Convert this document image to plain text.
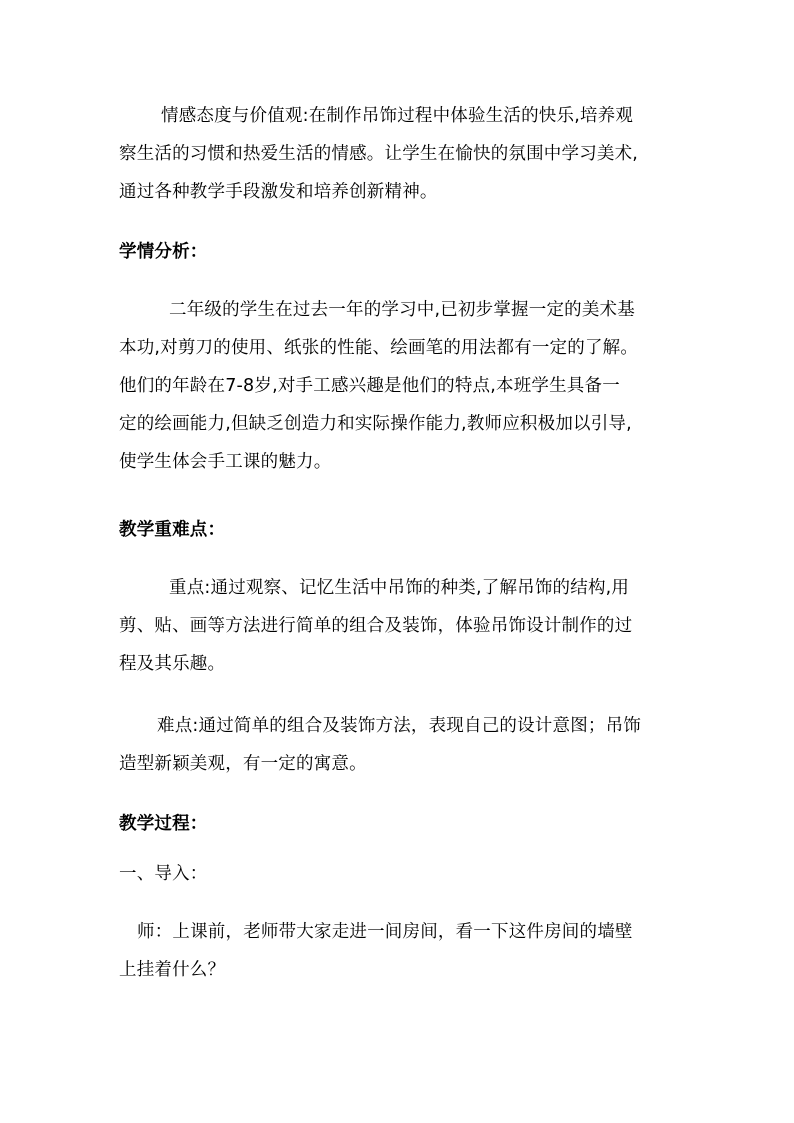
情感态度与价值观:在制作吊饰过程中体验生活的快乐,培养观
察生活的习惯和热爱生活的情感。让学生在愉快的氛围中学习美术,
通过各种教学手段激发和培养创新精神。
学情分析：
二年级的学生在过去一年的学习中,已初步掌握一定的美术基
本功,对剪刀的使用、纸张的性能、绘画笔的用法都有一定的了解。
他们的年龄在7-8岁,对手工感兴趣是他们的特点,本班学生具备一
定的绘画能力,但缺乏创造力和实际操作能力,教师应积极加以引导,
使学生体会手工课的魅力。
教学重难点：
重点:通过观察、记忆生活中吊饰的种类,了解吊饰的结构,用
剪、贴、画等方法进行简单的组合及装饰，体验吊饰设计制作的过
程及其乐趣。
难点:通过简单的组合及装饰方法，表现自己的设计意图；吊饰
造型新颖美观，有一定的寓意。
教学过程：
一、导入：
师：上课前，老师带大家走进一间房间，看一下这件房间的墙壁
上挂着什么？
